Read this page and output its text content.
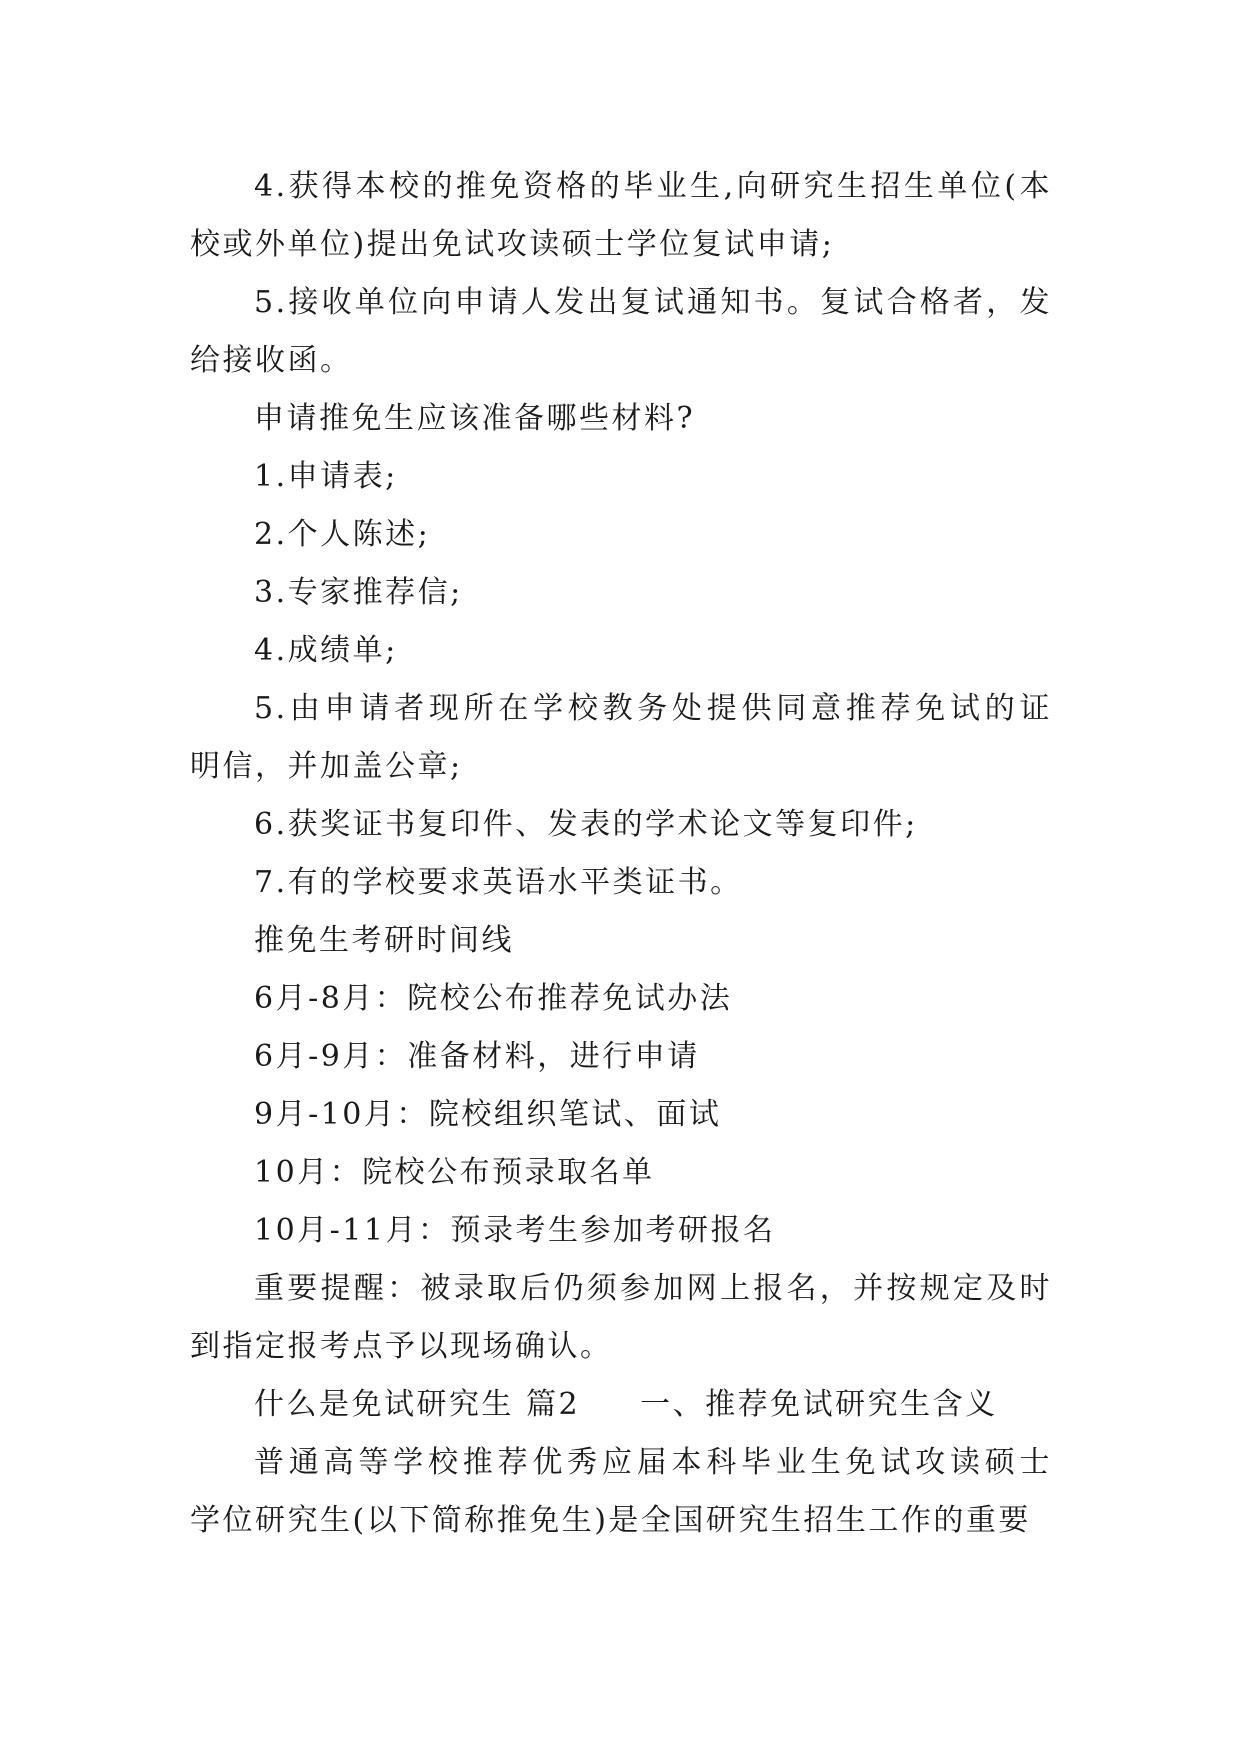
4.获得本校的推免资格的毕业生,向研究生招生单位(本
校或外单位)提出免试攻读硕士学位复试申请;
5.接收单位向申请人发出复试通知书。复试合格者，发
给接收函。
申请推免生应该准备哪些材料?
1.申请表;
2.个人陈述;
3.专家推荐信;
4.成绩单;
5.由申请者现所在学校教务处提供同意推荐免试的证
明信，并加盖公章;
6.获奖证书复印件、发表的学术论文等复印件;
7.有的学校要求英语水平类证书。
推免生考研时间线
6月-8月：院校公布推荐免试办法
6月-9月：准备材料，进行申请
9月-10月：院校组织笔试、面试
10月：院校公布预录取名单
10月-11月：预录考生参加考研报名
重要提醒：被录取后仍须参加网上报名，并按规定及时
到指定报考点予以现场确认。
什么是免试研究生 篇2 一、推荐免试研究生含义
普通高等学校推荐优秀应届本科毕业生免试攻读硕士
学位研究生(以下简称推免生)是全国研究生招生工作的重要
